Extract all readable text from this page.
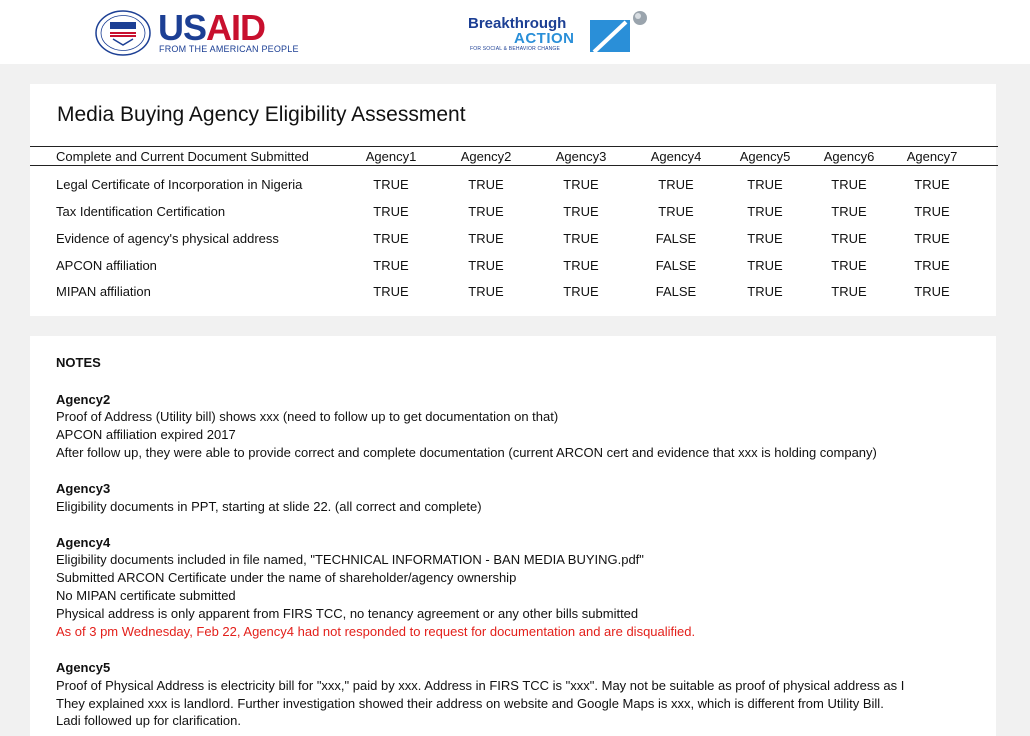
USAID
FROM THE AMERICAN PEOPLE
Breakthrough
ACTION
FOR SOCIAL & BEHAVIOR CHANGE
Media Buying Agency Eligibility Assessment
Complete and Current Document Submitted	Agency1	Agency2	Agency3	Agency4	Agency5	Agency6 Agency7
Legal Certificate of Incorporation in Nigeria	TRUE	TRUE	TRUE	TRUE	TRUE	TRUE	TRUE
Tax Identification Certification	TRUE	TRUE	TRUE	TRUE	TRUE	TRUE	TRUE
Evidence of agency's physical address	TRUE	TRUE	TRUE	FALSE	TRUE	TRUE	TRUE
APCON affiliation	TRUE	TRUE	TRUE	FALSE	TRUE	TRUE	TRUE
MIPAN affiliation	TRUE	TRUE	TRUE	FALSE	TRUE	TRUE	TRUE
NOTES
Agency2
Proof of Address (Utility bill) shows xxx (need to follow up to get documentation on that)
APCON affiliation expired 2017
After follow up, they were able to provide correct and complete documentation (current ARCON cert and evidence that xxx is holding company)
Agency3
Eligibility documents in PPT, starting at slide 22. (all correct and complete)
Agency4
Eligibility documents included in file named, "TECHNICAL INFORMATION - BAN MEDIA BUYING.pdf"
Submitted ARCON Certificate under the name of shareholder/agency ownership
No MIPAN certificate submitted
Physical address is only apparent from FIRS TCC, no tenancy agreement or any other bills submitted
As of 3 pm Wednesday, Feb 22, Agency4 had not responded to request for documentation and are disqualified.
Agency5
Proof of Physical Address is electricity bill for "xxx," paid by xxx. Address in FIRS TCC is "xxx". May not be suitable as proof of physical address as I
They explained xxx is landlord. Further investigation showed their address on website and Google Maps is xxx, which is different from Utility Bill.
Ladi followed up for clarification.
